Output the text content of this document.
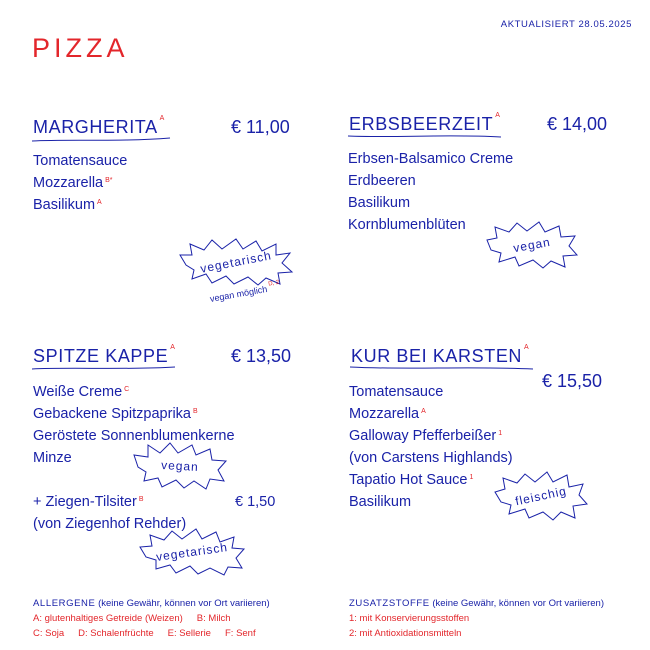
AKTUALISIERT 28.05.2025
PIZZA
MARGHERITA $^A$	€ 11,00
Tomatensauce
Mozzarella $^{B*}$
Basilikum $^A$
vegetarisch
vegan möglich$^{D, 2}$
ERBSBEERZEIT $^A$	€ 14,00
Erbsen-Balsamico Creme
Erdbeeren
Basilikum
Kornblumenblüten
vegan
SPITZE KAPPE $^A$	€ 13,50
Weiße Creme $^C$
Gebackene Spitzpaprika $^B$
Geröstete Sonnenblumenkerne
Minze	vegan
+ Ziegen-Tilsiter $^B$
(von Ziegenhof Rehder)
€ 1,50
vegetarisch
KUR BEI KARSTEN $^A$
€ 15,50
Tomatensauce
Mozzarella $^A$
Galloway Pfefferbeißer $^1$
(von Carstens Highlands)
Tapatio Hot Sauce $^1$
Basilikum	fleischig
ALLERGENE (keine Gewähr, können vor Ort variieren)
A: glutenhaltiges Getreide (Weizen) B: Milch
C: Soja D: Schalenfrüchte E: Sellerie F: Senf
ZUSATZSTOFFE (keine Gewähr, können vor Ort variieren)
1: mit Konservierungsstoffen
2: mit Antioxidationsmitteln
